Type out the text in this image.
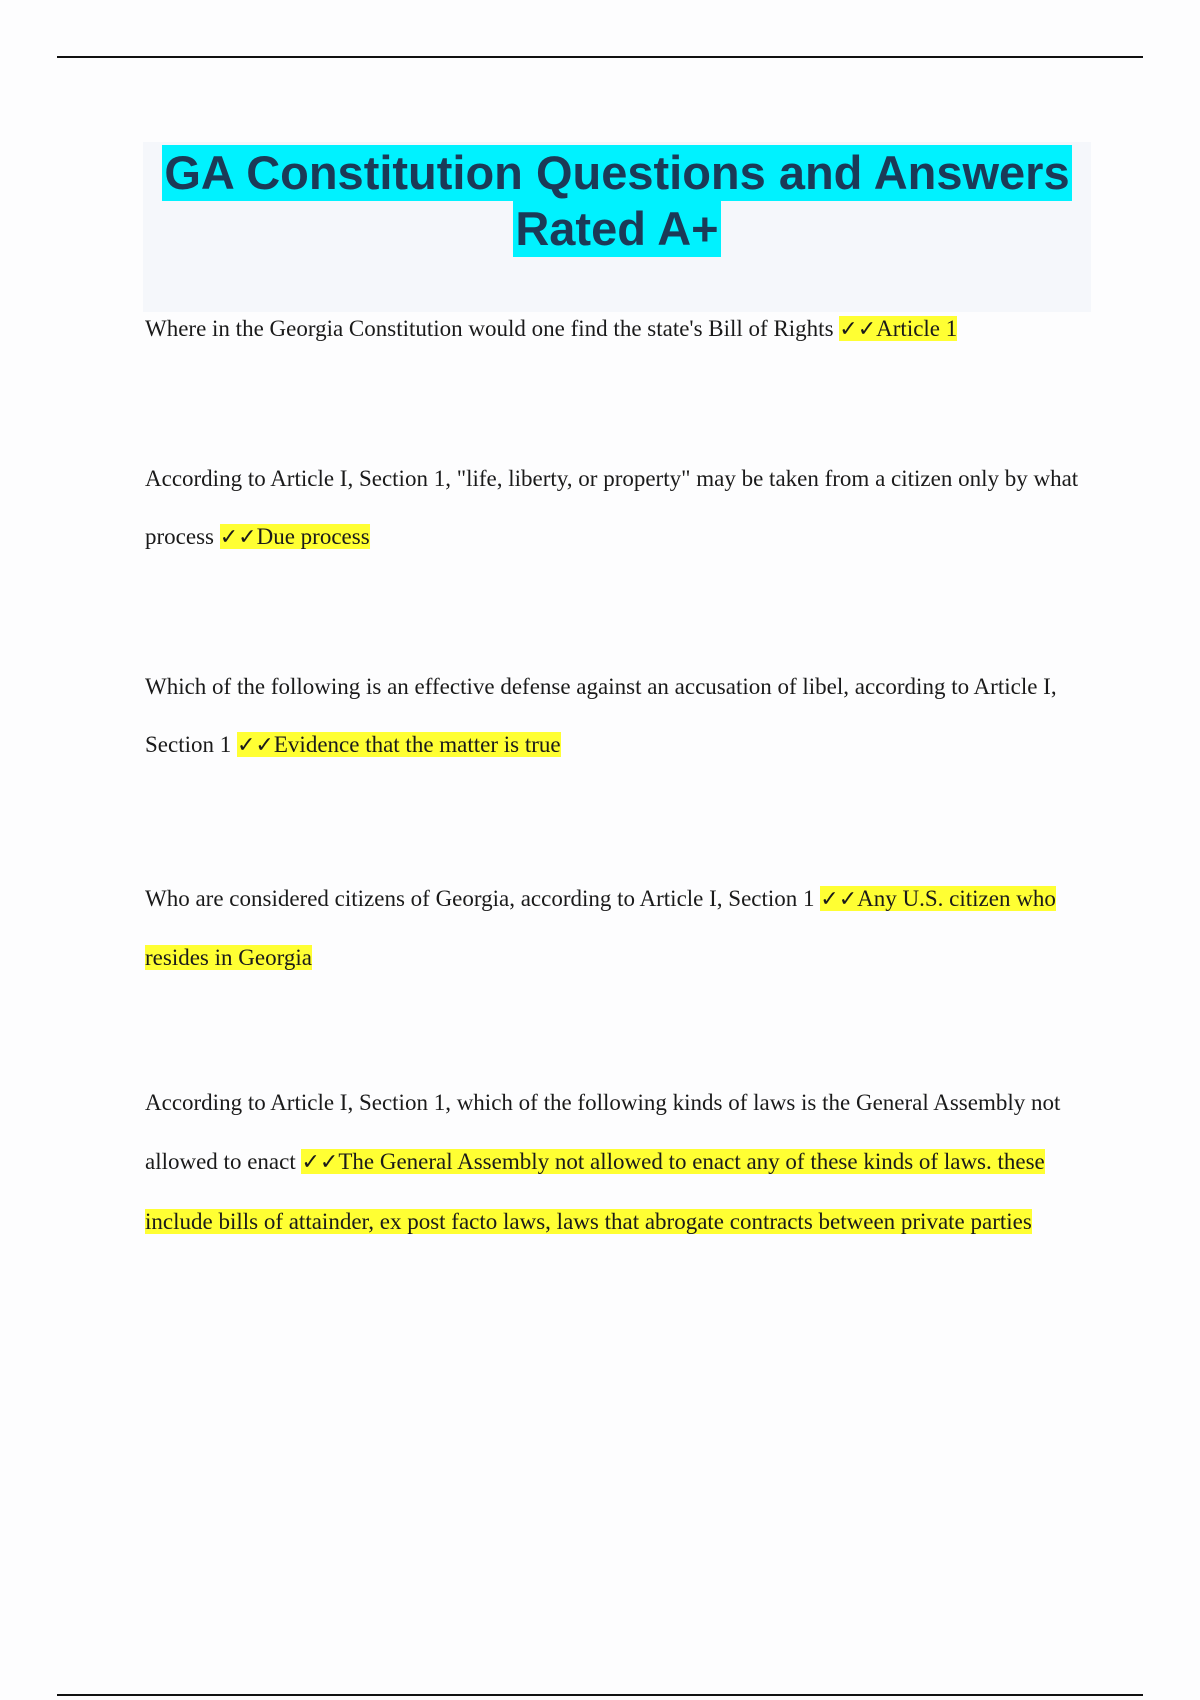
GA Constitution Questions and Answers
Rated A+
Where in the Georgia Constitution would one find the state's Bill of Rights ✓✓Article 1
According to Article I, Section 1, "life, liberty, or property" may be taken from a citizen only by what process ✓✓Due process
Which of the following is an effective defense against an accusation of libel, according to Article I, Section 1 ✓✓Evidence that the matter is true
Who are considered citizens of Georgia, according to Article I, Section 1 ✓✓Any U.S. citizen who resides in Georgia
According to Article I, Section 1, which of the following kinds of laws is the General Assembly not allowed to enact ✓✓The General Assembly not allowed to enact any of these kinds of laws. these include bills of attainder, ex post facto laws, laws that abrogate contracts between private parties
